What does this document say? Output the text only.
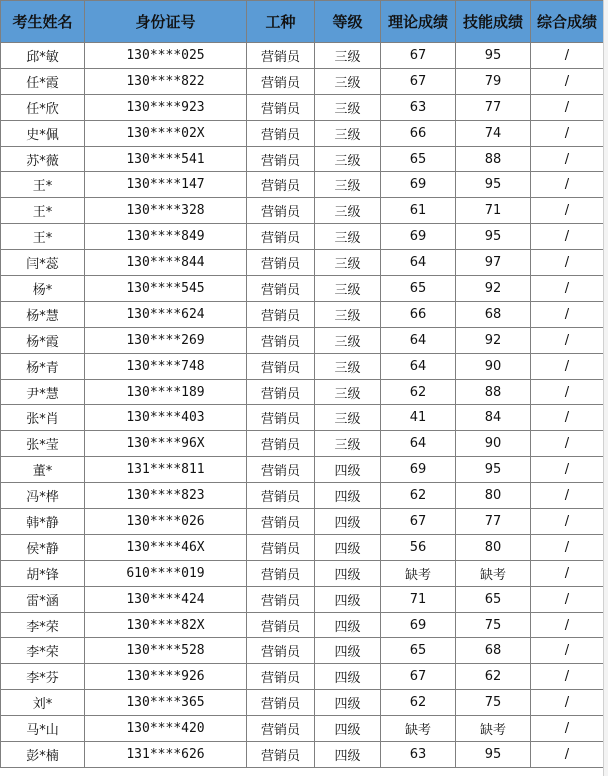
考生姓名	身份证号	工种	等级	理论成绩	技能成绩	综合成绩
邱*敏	130****025	营销员	三级	67	95	/
任*霞	130****822	营销员	三级	67	79	/
任*欣	130****923	营销员	三级	63	77	/
史*佩	130****02X	营销员	三级	66	74	/
苏*薇	130****541	营销员	三级	65	88	/
王*	130****147	营销员	三级	69	95	/
王*	130****328	营销员	三级	61	71	/
王*	130****849	营销员	三级	69	95	/
闫*蕊	130****844	营销员	三级	64	97	/
杨*	130****545	营销员	三级	65	92	/
杨*慧	130****624	营销员	三级	66	68	/
杨*霞	130****269	营销员	三级	64	92	/
杨*青	130****748	营销员	三级	64	90	/
尹*慧	130****189	营销员	三级	62	88	/
张*肖	130****403	营销员	三级	41	84	/
张*莹	130****96X	营销员	三级	64	90	/
董*	131****811	营销员	四级	69	95	/
冯*桦	130****823	营销员	四级	62	80	/
韩*静	130****026	营销员	四级	67	77	/
侯*静	130****46X	营销员	四级	56	80	/
胡*锋	610****019	营销员	四级	缺考	缺考	/
雷*涵	130****424	营销员	四级	71	65	/
李*荣	130****82X	营销员	四级	69	75	/
李*荣	130****528	营销员	四级	65	68	/
李*芬	130****926	营销员	四级	67	62	/
刘*	130****365	营销员	四级	62	75	/
马*山	130****420	营销员	四级	缺考	缺考	/
彭*楠	131****626	营销员	四级	63	95	/
